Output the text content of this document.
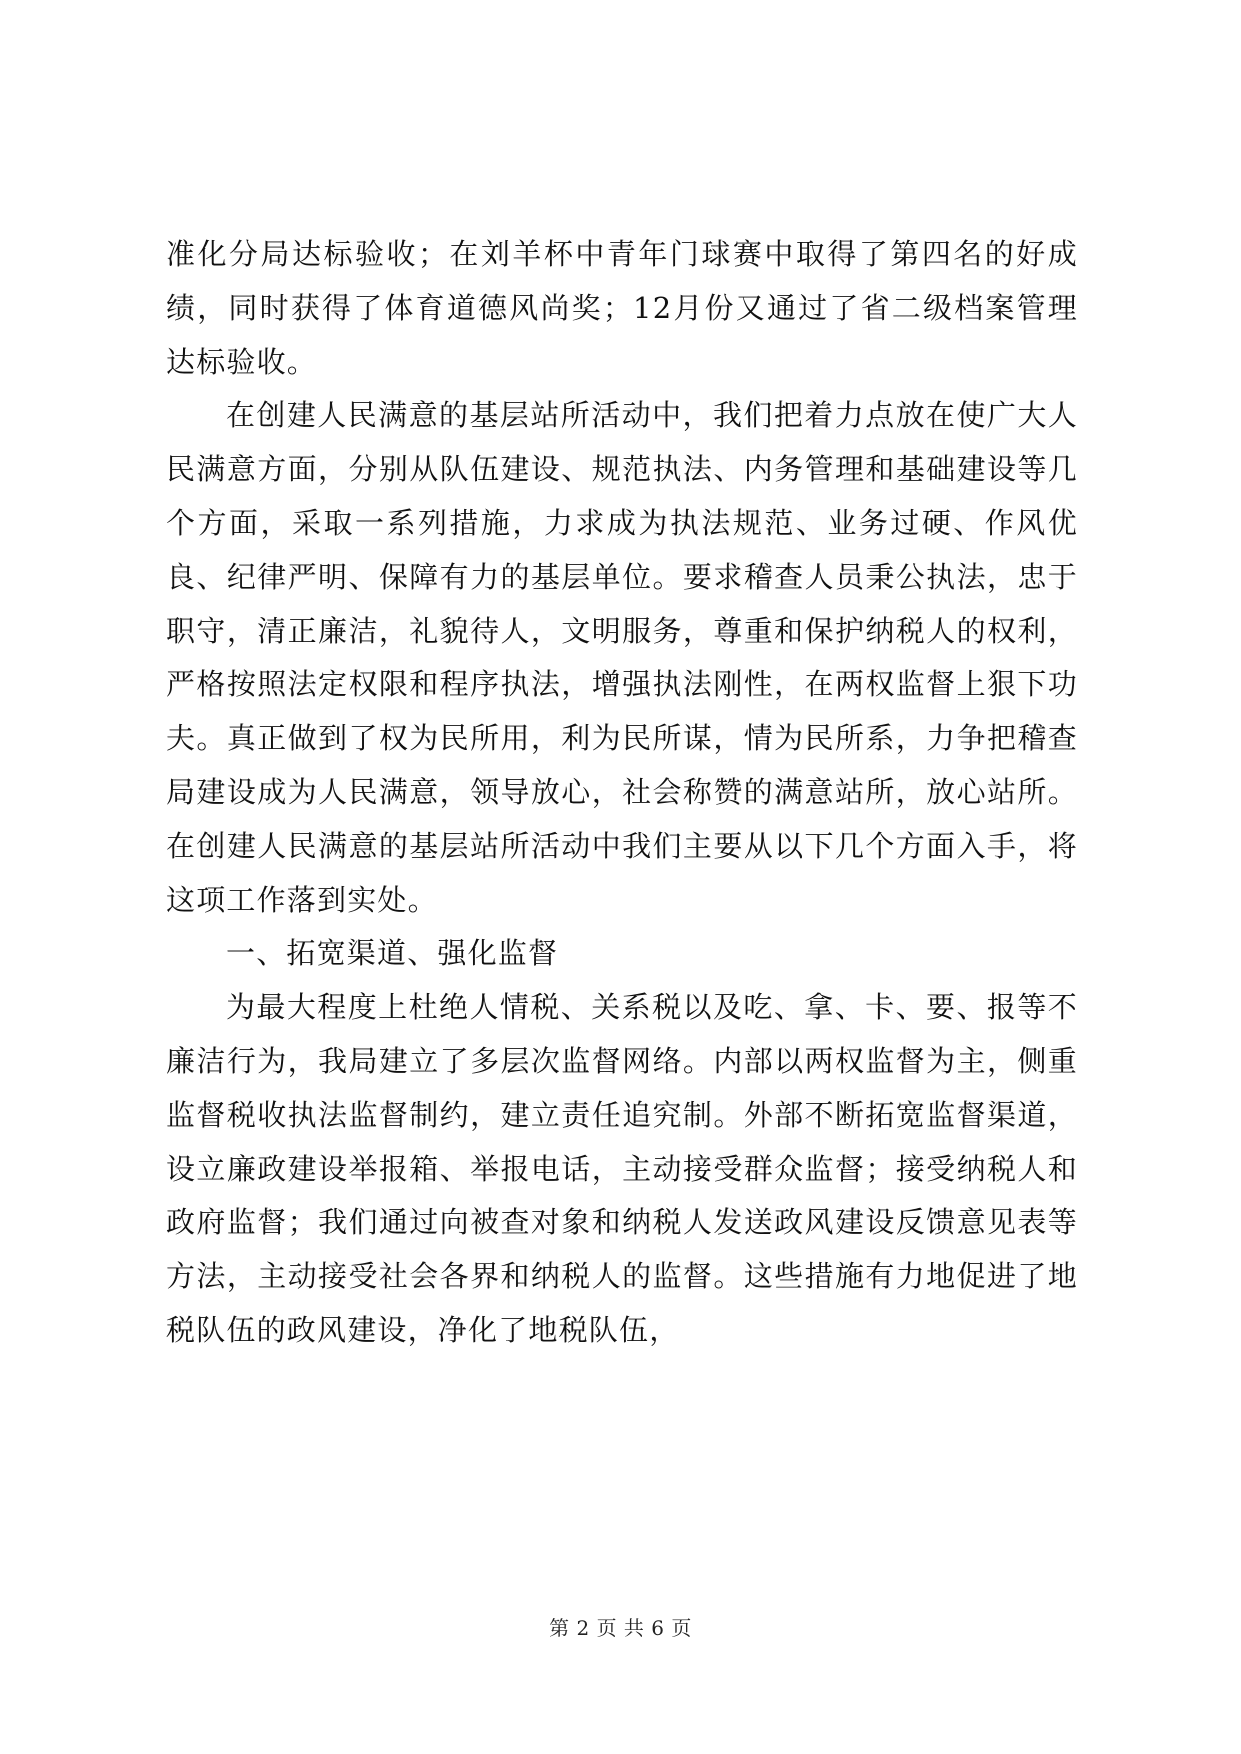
准化分局达标验收；在刘羊杯中青年门球赛中取得了第四名的好成绩，同时获得了体育道德风尚奖；12月份又通过了省二级档案管理达标验收。

在创建人民满意的基层站所活动中，我们把着力点放在使广大人民满意方面，分别从队伍建设、规范执法、内务管理和基础建设等几个方面，采取一系列措施，力求成为执法规范、业务过硬、作风优良、纪律严明、保障有力的基层单位。要求稽查人员秉公执法，忠于职守，清正廉洁，礼貌待人，文明服务，尊重和保护纳税人的权利，严格按照法定权限和程序执法，增强执法刚性，在两权监督上狠下功夫。真正做到了权为民所用，利为民所谋，情为民所系，力争把稽查局建设成为人民满意，领导放心，社会称赞的满意站所，放心站所。在创建人民满意的基层站所活动中我们主要从以下几个方面入手，将这项工作落到实处。

一、拓宽渠道、强化监督

为最大程度上杜绝人情税、关系税以及吃、拿、卡、要、报等不廉洁行为，我局建立了多层次监督网络。内部以两权监督为主，侧重监督税收执法监督制约，建立责任追究制。外部不断拓宽监督渠道，设立廉政建设举报箱、举报电话，主动接受群众监督；接受纳税人和政府监督；我们通过向被查对象和纳税人发送政风建设反馈意见表等方法，主动接受社会各界和纳税人的监督。这些措施有力地促进了地税队伍的政风建设，净化了地税队伍，

第 2 页 共 6 页
